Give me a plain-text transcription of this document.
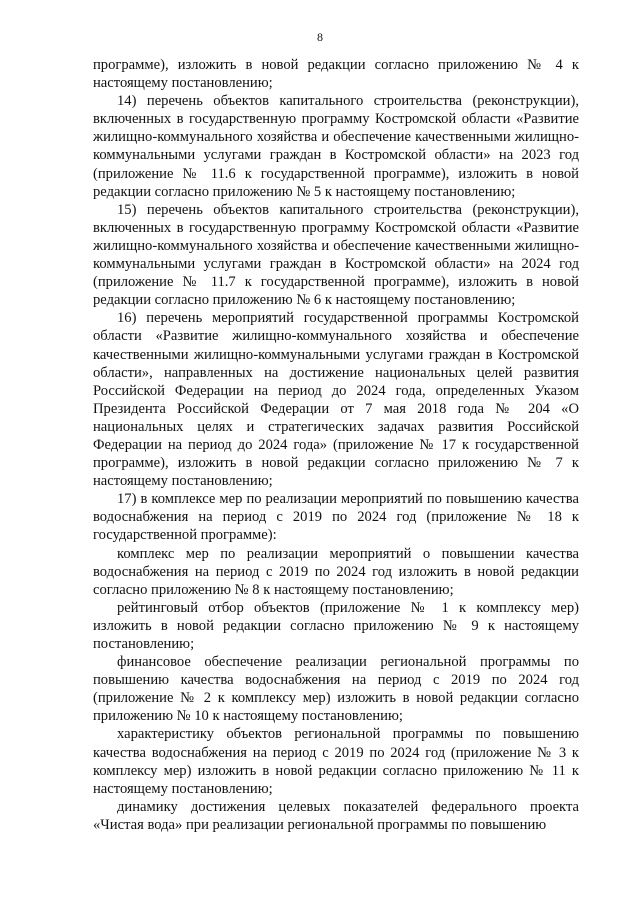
8

программе), изложить в новой редакции согласно приложению № 4 к настоящему постановлению;

14) перечень объектов капитального строительства (реконструкции), включенных в государственную программу Костромской области «Развитие жилищно-коммунального хозяйства и обеспечение качественными жилищно-коммунальными услугами граждан в Костромской области» на 2023 год (приложение № 11.6 к государственной программе), изложить в новой редакции согласно приложению № 5 к настоящему постановлению;

15) перечень объектов капитального строительства (реконструкции), включенных в государственную программу Костромской области «Развитие жилищно-коммунального хозяйства и обеспечение качественными жилищно-коммунальными услугами граждан в Костромской области» на 2024 год (приложение № 11.7 к государственной программе), изложить в новой редакции согласно приложению № 6 к настоящему постановлению;

16) перечень мероприятий государственной программы Костромской области «Развитие жилищно-коммунального хозяйства и обеспечение качественными жилищно-коммунальными услугами граждан в Костромской области», направленных на достижение национальных целей развития Российской Федерации на период до 2024 года, определенных Указом Президента Российской Федерации от 7 мая 2018 года № 204 «О национальных целях и стратегических задачах развития Российской Федерации на период до 2024 года» (приложение № 17 к государственной программе), изложить в новой редакции согласно приложению № 7 к настоящему постановлению;

17) в комплексе мер по реализации мероприятий по повышению качества водоснабжения на период с 2019 по 2024 год (приложение № 18 к государственной программе):

комплекс мер по реализации мероприятий о повышении качества водоснабжения на период с 2019 по 2024 год изложить в новой редакции согласно приложению № 8 к настоящему постановлению;

рейтинговый отбор объектов (приложение № 1 к комплексу мер) изложить в новой редакции согласно приложению № 9 к настоящему постановлению;

финансовое обеспечение реализации региональной программы по повышению качества водоснабжения на период с 2019 по 2024 год (приложение № 2 к комплексу мер) изложить в новой редакции согласно приложению № 10 к настоящему постановлению;

характеристику объектов региональной программы по повышению качества водоснабжения на период с 2019 по 2024 год (приложение № 3 к комплексу мер) изложить в новой редакции согласно приложению № 11 к настоящему постановлению;

динамику достижения целевых показателей федерального проекта «Чистая вода» при реализации региональной программы по повышению
